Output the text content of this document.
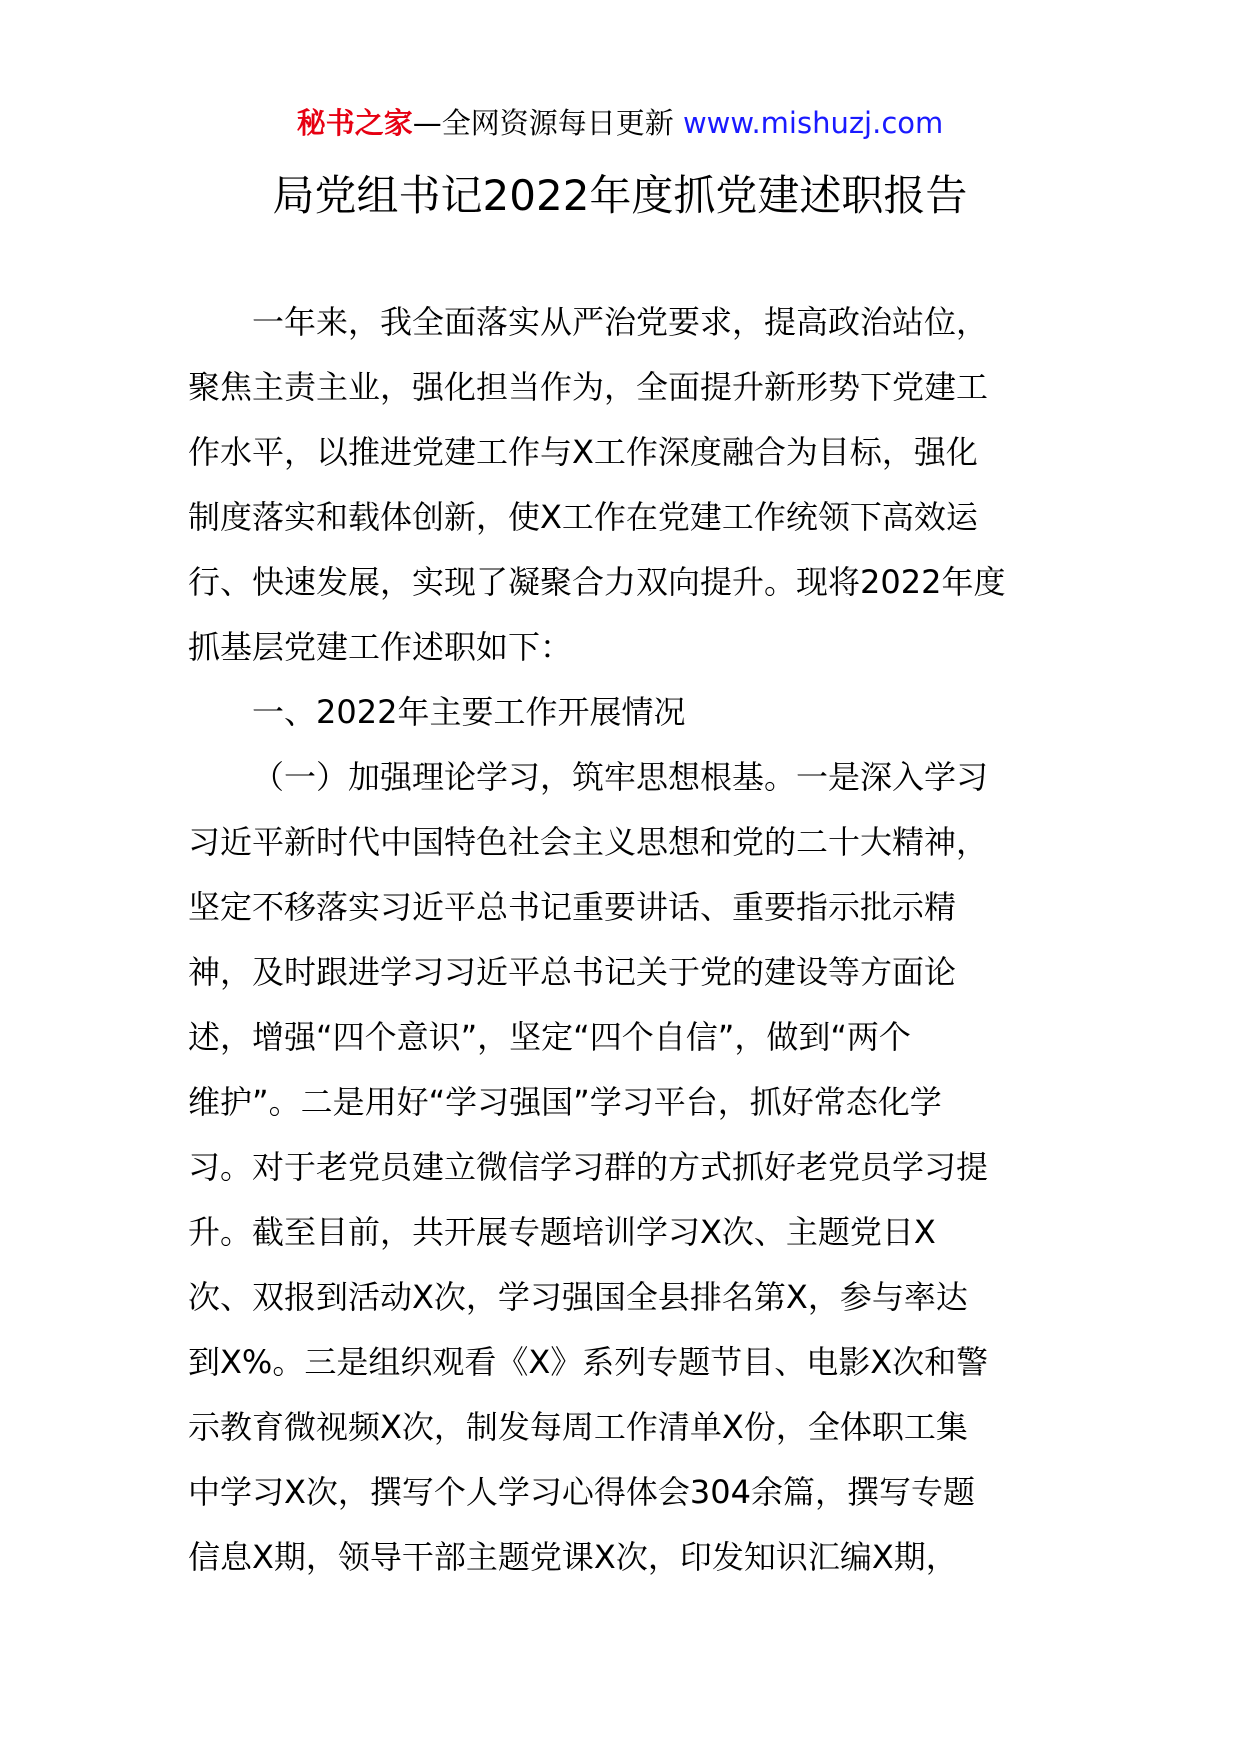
秘书之家—全网资源每日更新 www.mishuzj.com
局党组书记2022年度抓党建述职报告
一年来，我全面落实从严治党要求，提高政治站位，
聚焦主责主业，强化担当作为，全面提升新形势下党建工
作水平，以推进党建工作与X工作深度融合为目标，强化
制度落实和载体创新，使X工作在党建工作统领下高效运
行、快速发展，实现了凝聚合力双向提升。现将2022年度
抓基层党建工作述职如下：
一、2022年主要工作开展情况
（一）加强理论学习，筑牢思想根基。一是深入学习
习近平新时代中国特色社会主义思想和党的二十大精神，
坚定不移落实习近平总书记重要讲话、重要指示批示精
神，及时跟进学习习近平总书记关于党的建设等方面论
述，增强“四个意识”，坚定“四个自信”，做到“两个
维护”。二是用好“学习强国”学习平台，抓好常态化学
习。对于老党员建立微信学习群的方式抓好老党员学习提
升。截至目前，共开展专题培训学习X次、主题党日X
次、双报到活动X次，学习强国全县排名第X，参与率达
到X%。三是组织观看《X》系列专题节目、电影X次和警
示教育微视频X次，制发每周工作清单X份，全体职工集
中学习X次，撰写个人学习心得体会304余篇，撰写专题
信息X期，领导干部主题党课X次，印发知识汇编X期，
